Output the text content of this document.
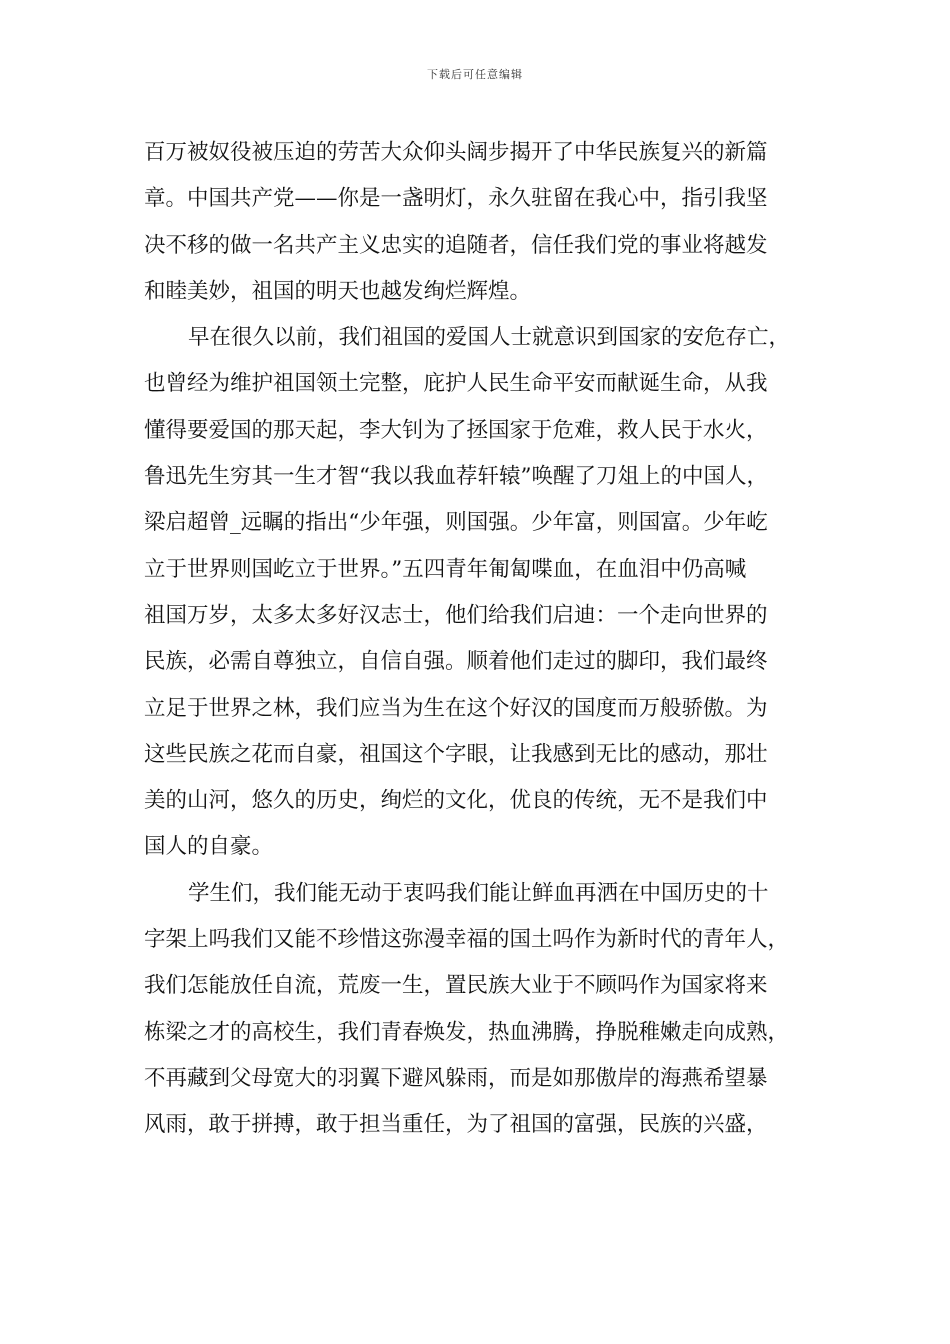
下载后可任意编辑
百万被奴役被压迫的劳苦大众仰头阔步揭开了中华民族复兴的新篇
章。中国共产党——你是一盏明灯，永久驻留在我心中，指引我坚
决不移的做一名共产主义忠实的追随者，信任我们党的事业将越发
和睦美妙，祖国的明天也越发绚烂辉煌。
早在很久以前，我们祖国的爱国人士就意识到国家的安危存亡，
也曾经为维护祖国领土完整，庇护人民生命平安而献诞生命，从我
懂得要爱国的那天起，李大钊为了拯国家于危难，救人民于水火，
鲁迅先生穷其一生才智“我以我血荐轩辕”唤醒了刀俎上的中国人，
梁启超曾_远瞩的指出“少年强，则国强。少年富，则国富。少年屹
立于世界则国屹立于世界。”五四青年匍匐喋血，在血泪中仍高喊
祖国万岁，太多太多好汉志士，他们给我们启迪：一个走向世界的
民族，必需自尊独立，自信自强。顺着他们走过的脚印，我们最终
立足于世界之林，我们应当为生在这个好汉的国度而万般骄傲。为
这些民族之花而自豪，祖国这个字眼，让我感到无比的感动，那壮
美的山河，悠久的历史，绚烂的文化，优良的传统，无不是我们中
国人的自豪。
学生们，我们能无动于衷吗我们能让鲜血再洒在中国历史的十
字架上吗我们又能不珍惜这弥漫幸福的国土吗作为新时代的青年人，
我们怎能放任自流，荒废一生，置民族大业于不顾吗作为国家将来
栋梁之才的高校生，我们青春焕发，热血沸腾，挣脱稚嫩走向成熟，
不再藏到父母宽大的羽翼下避风躲雨，而是如那傲岸的海燕希望暴
风雨，敢于拼搏，敢于担当重任，为了祖国的富强，民族的兴盛，
